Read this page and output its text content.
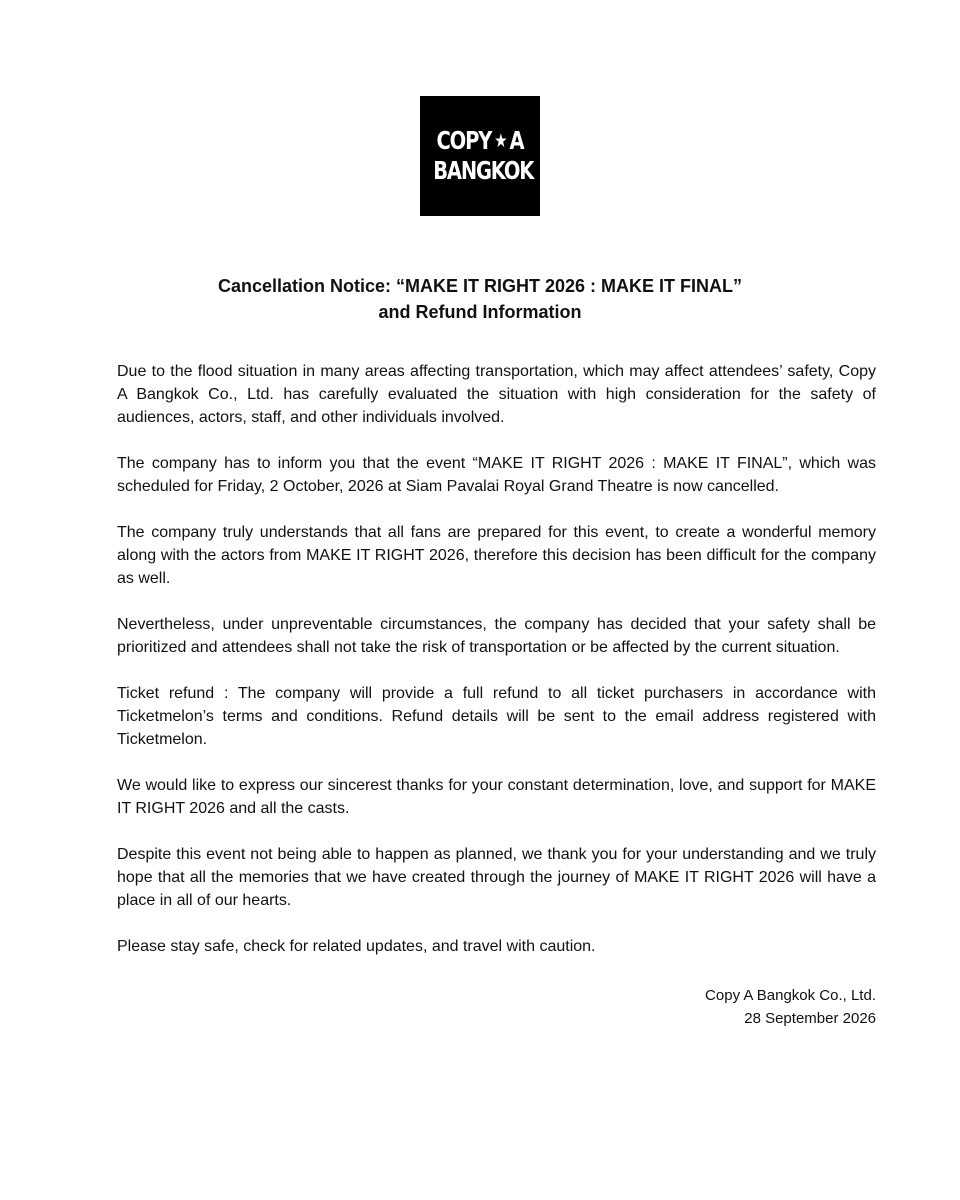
COPY ★ A
BANGKOK
Cancellation Notice: “MAKE IT RIGHT 2026 : MAKE IT FINAL”
and Refund Information

Due to the flood situation in many areas affecting transportation, which may affect attendees’ safety, Copy A Bangkok Co., Ltd. has carefully evaluated the situation with high consideration for the safety of audiences, actors, staff, and other individuals involved.

The company has to inform you that the event “MAKE IT RIGHT 2026 : MAKE IT FINAL”, which was scheduled for Friday, 2 October, 2026 at Siam Pavalai Royal Grand Theatre is now cancelled.

The company truly understands that all fans are prepared for this event, to create a wonderful memory along with the actors from MAKE IT RIGHT 2026, therefore this decision has been difficult for the company as well.

Nevertheless, under unpreventable circumstances, the company has decided that your safety shall be prioritized and attendees shall not take the risk of transportation or be affected by the current situation.

Ticket refund : The company will provide a full refund to all ticket purchasers in accordance with Ticketmelon’s terms and conditions. Refund details will be sent to the email address registered with Ticketmelon.

We would like to express our sincerest thanks for your constant determination, love, and support for MAKE IT RIGHT 2026 and all the casts.

Despite this event not being able to happen as planned, we thank you for your understanding and we truly hope that all the memories that we have created through the journey of MAKE IT RIGHT 2026 will have a place in all of our hearts.

Please stay safe, check for related updates, and travel with caution.

Copy A Bangkok Co., Ltd.
28 September 2026
